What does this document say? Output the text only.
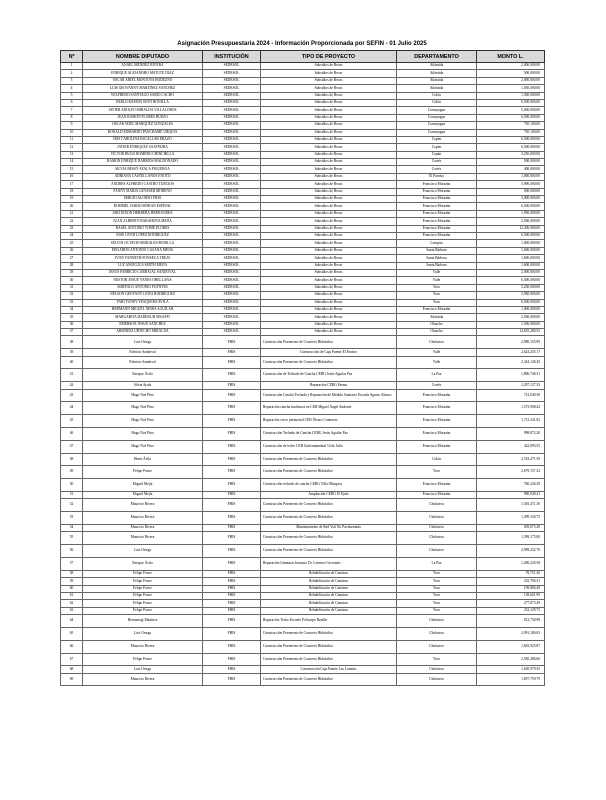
Asignación Presupuestaria 2024 - Información Proporcionada por SEFIN - 01 Julio 2025
Nº	NOMBRE DIPUTADO	INSTITUCIÓN	TIPO DE PROYECTO	DEPARTAMENTO	MONTO L.
1	ANAEL MENDEZ RIVERA	SEDESOL	Subsidios de Becas	Atlántida	2,000,000.00
2	ENRIQUE ALEJANDRO MATUTE DIAZ	SEDESOL	Subsidios de Becas	Atlántida	500,000.00
3	OSCAR ARIEL MONTOYA RODEZNO	SEDESOL	Subsidios de Becas	Atlántida	2,000,000.00
4	LUIS GEOVANNY MARTINEZ SANCHEZ	SEDESOL	Subsidios de Becas	Atlántida	1,050,000.00
5	WILFREDO SANTIAGO SARIO CACHO	SEDESOL	Subsidios de Becas	Colón	1,500,000.00
6	PABLO RAMON SOTO BONILLA	SEDESOL	Subsidios de Becas	Colón	6,500,000.00
7	JAVIER ADOLFO MIRALDA VILLALOBOS	SEDESOL	Subsidios de Becas	Comayagua	5,000,000.00
8	JUAN RAMON FLORES BUEZO	SEDESOL	Subsidios de Becas	Comayagua	6,500,000.00
9	OSCAR NOEL MARQUEZ GONZALES	SEDESOL	Subsidios de Becas	Comayagua	750,100.00
10	RONALD EDMARDO PANCHAME URQUIA	SEDESOL	Subsidios de Becas	Comayagua	750,100.00
11	IRIS CAROLINA ESCALLAR ERAZO	SEDESOL	Subsidios de Becas	Copán	6,500,000.00
12	JAVIER ENRIQUEZ SAAVEDRA	SEDESOL	Subsidios de Becas	Copán	6,500,000.00
13	VICTOR HUGO ROMERO CHINCHILLA	SEDESOL	Subsidios de Becas	Copán	3,250,000.00
14	RAMON ENRIQUE BARRIOS MALDONADO	SEDESOL	Subsidios de Becas	Cortés	500,000.00
15	SILVIA BESSY AYALA FIGUEROA	SEDESOL	Subsidios de Becas	Cortés	400,000.00
16	ADRIANA CASTELLANOS ENOTO	SEDESOL	Subsidios de Becas	El Paraíso	1,000,000.00
17	ANDRES ALFREDO CASTRO TURCIOS	SEDESOL	Subsidios de Becas	Francisco Morazán	3,990,000.00
18	FANNY MARIA GEVASER MORENO	SEDESOL	Subsidios de Becas	Francisco Morazán	500,000.00
19	SERGIO ALONSO FIDO	SEDESOL	Subsidios de Becas	Francisco Morazán	3,000,000.00
20	ROMMEL DARIO MORAN ESPINAL	SEDESOL	Subsidios de Becas	Francisco Morazán	6,500,000.00
21	JARI DIXON HERRERA HERNÁNDEZ	SEDESOL	Subsidios de Becas	Francisco Morazán	1,950,000.00
22	JUAN ALBERTO BARAHONA MEJÍA	SEDESOL	Subsidios de Becas	Francisco Morazán	2,500,000.00
23	RASEL ANTONIO TOME FLORES	SEDESOL	Subsidios de Becas	Francisco Morazán	12,200,000.00
24	JOSE OVED LOPEZ RODRIGUEZ	SEDESOL	Subsidios de Becas	Francisco Morazán	6,500,000.00
25	SELVIN OCTAVIO MORALES BONILLA	SEDESOL	Subsidios de Becas	Lempira	1,000,000.00
26	EDGARDO ANTONIO CASAÑA MEJIA	SEDESOL	Subsidios de Becas	Santa Bárbara	1,600,000.00
27	IVON YANNETH FONSECA TREJO	SEDESOL	Subsidios de Becas	Santa Bárbara	1,600,000.00
28	LUZ ANGELICA SMITH MEJIA	SEDESOL	Subsidios de Becas	Santa Bárbara	1,600,000.00
29	JESUS FABRICIO CARBAJAL SANDOVAL	SEDESOL	Subsidios de Becas	Valle	2,000,000.00
30	NESTOR JOSUE YANES ORELLANA	SEDESOL	Subsidios de Becas	Valle	6,500,000.00
31	BARTOLO ANTONIO FUENTES	SEDESOL	Subsidios de Becas	Yoro	3,250,000.00
32	NELSON GEOVANY LEIVA RODRIGUEZ	SEDESOL	Subsidios de Becas	Yoro	3,950,000.00
33	YARI YANEY YESQUERA AVILA	SEDESOL	Subsidios de Becas	Yoro	6,500,000.00
34	HERMANN MIGUEL NEIRA AGUILAR	SEDESOL	Subsidios de Becas	Francisco Morazán	1,000,000.00
35	MARGARITA DABDOUB SIKAFFI	SEDESOL	Subsidios de Becas	Atlántida	2,500,000.00
36	EMERSON JOSUE SANCHEZ	SEDESOL	Subsidios de Becas	Olancho	1,500,000.00
37	ARMINDA URTECHO MIRALDA	SEDESOL	Subsidios de Becas	Olancho	14,655,280.55
38	Luis Ortega	FHIS	Construcción Pavimento de Concreto Hidráulico	Choluteca	2,990,155.99
39	Fabricio Sandoval	FHIS	Construcción de Caja Puente El Encino	Valle	2,623,255.17
40	Fabricio Sandoval	FHIS	Construcción Pavimento de Concreto Hidráulico	Valle	2,344,140.45
41	Enrique Ávila	FHIS	Construcción de Techado de Cancha CEBG Jesús Aguilar Paz	La Paz	1,896,740.31
42	Silvia Ayala	FHIS	Reparación CEBG Parma	Cortés	2,297,127.35
43	Hugo Noé Pino	FHIS	Construcción Cancha Techada y Reparación de Módulo Sanitario Escuela Agusto Alonzo	Francisco Morazán	714,040.38
44	Hugo Noé Pino	FHIS	Reparación cancha multiusos en CEB Miguel Ángel Andonie	Francisco Morazán	1,573,908.42
45	Hugo Noé Pino	FHIS	Reparación cerco perimetral CEB Álvaro Contreras	Francisco Morazán	1,712,341.92
46	Hugo Noé Pino	FHIS	Construcción Techado de Cancha CEBG Jesús Aguilar Paz	Francisco Morazán	998,872.20
47	Hugo Noé Pino	FHIS	Construcción de techo CEB Gubernamental 14 de Julio	Francisco Morazán	422,093.55
48	Henri Ávila	FHIS	Construcción Pavimento de Concreto Hidráulico	Colón	2,743,271.59
49	Felipe Ponce	FHIS	Construcción Pavimento de Concreto Hidráulico	Yoro	2,679,157.32
50	Miguel Mejía	FHIS	Construcción techado de cancha CEBG Villa Olímpica	Francisco Morazán	760,240.38
51	Miguel Mejía	FHIS	Ampliación CEBG El Ejido	Francisco Morazán	990,940.41
52	Mauricio Rivera	FHIS	Construcción Pavimento de Concreto Hidráulico	Choluteca	1,303,471.30
53	Mauricio Rivera	FHIS	Construcción Pavimento de Concreto Hidráulico	Choluteca	1,399,330.75
54	Mauricio Rivera	FHIS	Mantenimiento de Red Vial No Pavimentada	Choluteca	659,675.28
55	Mauricio Rivera	FHIS	Construcción Pavimento de Concreto Hidráulico	Choluteca	1,399,175.00
56	Luis Ortega	FHIS	Construcción Pavimento de Concreto Hidráulico	Choluteca	2,999,232.70
57	Enrique Ávila	FHIS	Reparación Gimnasio Instituto Dr. Lorenzo Cervantes	La Paz	1,206,243.58
58	Felipe Ponce	FHIS	Rehabilitación de Caminos	Yoro	78,751.40
59	Felipe Ponce	FHIS	Rehabilitación de Caminos	Yoro	235,794.31
60	Felipe Ponce	FHIS	Rehabilitación de Caminos	Yoro	199,884.49
61	Felipe Ponce	FHIS	Rehabilitación de Caminos	Yoro	138,601.99
62	Felipe Ponce	FHIS	Rehabilitación de Caminos	Yoro	277,873.49
63	Felipe Ponce	FHIS	Rehabilitación de Caminos	Yoro	232,129.75
64	Hermenegi Martínez	FHIS	Reparación Techo Escuela Policarpo Bonilla	Choluteca	813,730.98
65	Luis Ortega	FHIS	Construcción Pavimento de Concreto Hidráulico	Choluteca	2,991,186.63
66	Mauricio Rivera	FHIS	Construcción Pavimento de Concreto Hidráulico	Choluteca	1,602,925.87
67	Felipe Ponce	FHIS	Construcción Pavimento de Concreto Hidráulico	Yoro	2,930,286.66
68	Luis Ortega	FHIS	Construcción Caja Puente Las Lomitas	Choluteca	1,630,979.35
69	Mauricio Rivera	FHIS	Construcción Pavimento de Concreto Hidráulico	Choluteca	1,697,759.79
